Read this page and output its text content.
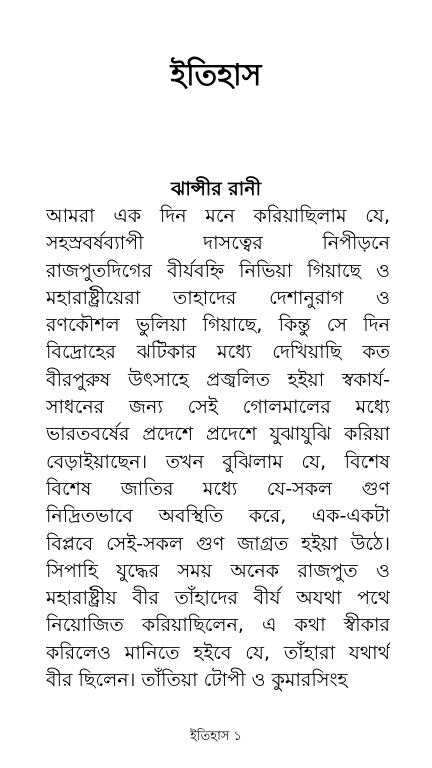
ইতিহাস
ঝান্সীর রানী
আমরা এক দিন মনে করিয়াছিলাম যে,
সহস্রবর্ষব্যাপী দাসত্বের নিপীড়নে
রাজপুতদিগের বীর্যবহ্নি নিভিয়া গিয়াছে ও
মহারাষ্ট্রীয়েরা তাহাদের দেশানুরাগ ও
রণকৌশল ভুলিয়া গিয়াছে, কিন্তু সে দিন
বিদ্রোহের ঝটিকার মধ্যে দেখিয়াছি কত
বীরপুরুষ উৎসাহে প্রজ্বলিত হইয়া স্বকার্য-
সাধনের জন্য সেই গোলমালের মধ্যে
ভারতবর্ষের প্রদেশে প্রদেশে যুঝাযুঝি করিয়া
বেড়াইয়াছেন। তখন বুঝিলাম যে, বিশেষ
বিশেষ জাতির মধ্যে যে-সকল গুণ
নিদ্রিতভাবে অবস্থিতি করে, এক-একটা
বিপ্লবে সেই-সকল গুণ জাগ্রত হইয়া উঠে।
সিপাহি যুদ্ধের সময় অনেক রাজপুত ও
মহারাষ্ট্রীয় বীর তাঁহাদের বীর্য অযথা পথে
নিয়োজিত করিয়াছিলেন, এ কথা স্বীকার
করিলেও মানিতে হইবে যে, তাঁহারা যথার্থ
বীর ছিলেন। তাঁতিয়া টোপী ও কুমারসিংহ
ইতিহাস ১
